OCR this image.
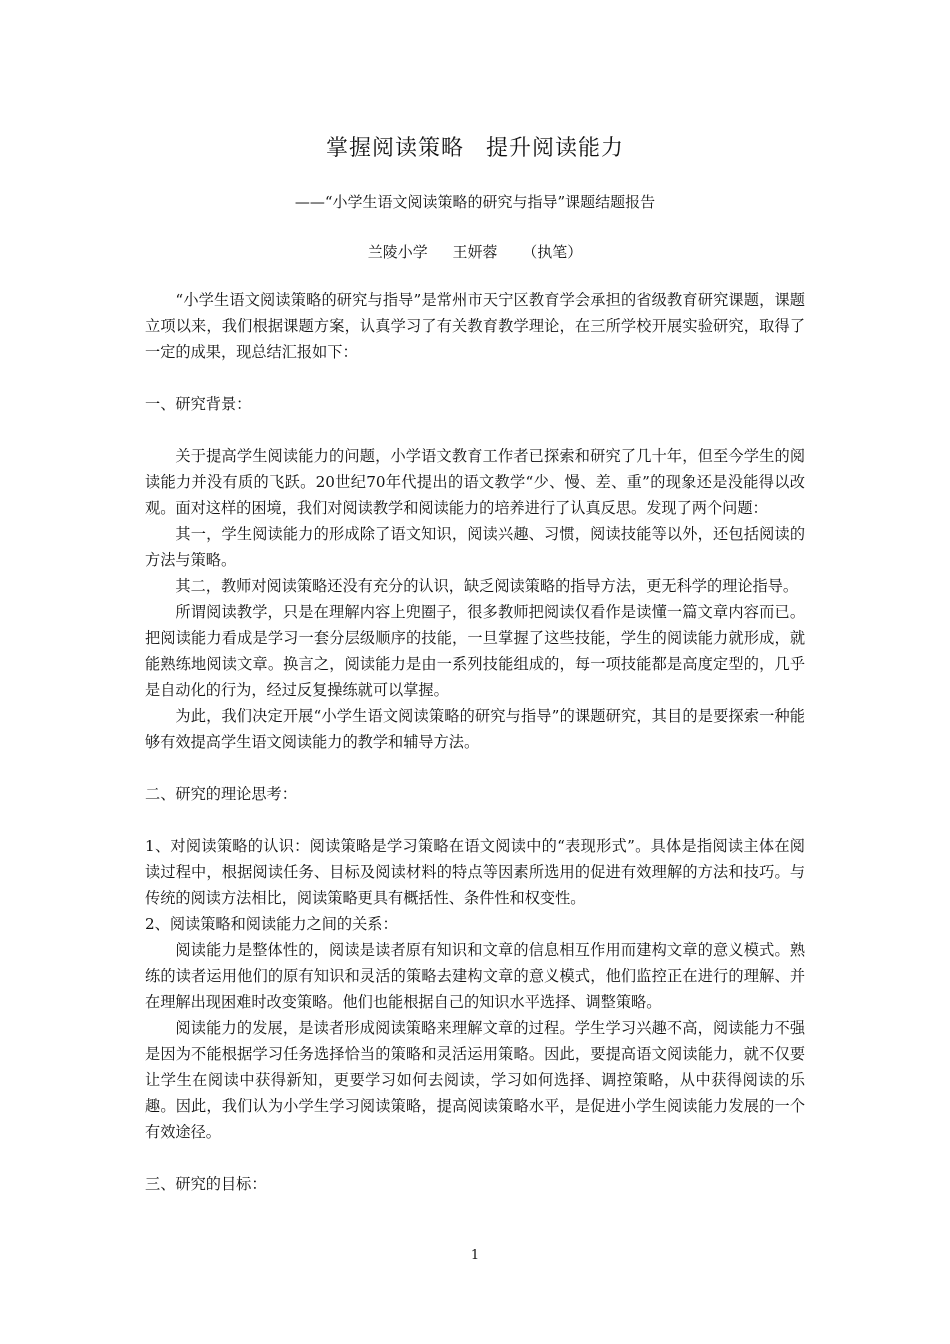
掌握阅读策略 提升阅读能力
——“小学生语文阅读策略的研究与指导”课题结题报告
兰陵小学 王妍蓉 （执笔）

“小学生语文阅读策略的研究与指导”是常州市天宁区教育学会承担的省级教育研究课题，课题立项以来，我们根据课题方案，认真学习了有关教育教学理论，在三所学校开展实验研究，取得了一定的成果，现总结汇报如下：

一、研究背景：

关于提高学生阅读能力的问题，小学语文教育工作者已探索和研究了几十年，但至今学生的阅读能力并没有质的飞跃。20世纪70年代提出的语文教学“少、慢、差、重”的现象还是没能得以改观。面对这样的困境，我们对阅读教学和阅读能力的培养进行了认真反思。发现了两个问题：

其一，学生阅读能力的形成除了语文知识，阅读兴趣、习惯，阅读技能等以外，还包括阅读的方法与策略。

其二，教师对阅读策略还没有充分的认识，缺乏阅读策略的指导方法，更无科学的理论指导。

所谓阅读教学，只是在理解内容上兜圈子，很多教师把阅读仅看作是读懂一篇文章内容而已。把阅读能力看成是学习一套分层级顺序的技能，一旦掌握了这些技能，学生的阅读能力就形成，就能熟练地阅读文章。换言之，阅读能力是由一系列技能组成的，每一项技能都是高度定型的，几乎是自动化的行为，经过反复操练就可以掌握。

为此，我们决定开展“小学生语文阅读策略的研究与指导”的课题研究，其目的是要探索一种能够有效提高学生语文阅读能力的教学和辅导方法。

二、研究的理论思考：

1、对阅读策略的认识：阅读策略是学习策略在语文阅读中的“表现形式”。具体是指阅读主体在阅读过程中，根据阅读任务、目标及阅读材料的特点等因素所选用的促进有效理解的方法和技巧。与传统的阅读方法相比，阅读策略更具有概括性、条件性和权变性。

2、阅读策略和阅读能力之间的关系：

阅读能力是整体性的，阅读是读者原有知识和文章的信息相互作用而建构文章的意义模式。熟练的读者运用他们的原有知识和灵活的策略去建构文章的意义模式，他们监控正在进行的理解、并在理解出现困难时改变策略。他们也能根据自己的知识水平选择、调整策略。

阅读能力的发展，是读者形成阅读策略来理解文章的过程。学生学习兴趣不高，阅读能力不强是因为不能根据学习任务选择恰当的策略和灵活运用策略。因此，要提高语文阅读能力，就不仅要让学生在阅读中获得新知，更要学习如何去阅读，学习如何选择、调控策略，从中获得阅读的乐趣。因此，我们认为小学生学习阅读策略，提高阅读策略水平，是促进小学生阅读能力发展的一个有效途径。

三、研究的目标：
1
